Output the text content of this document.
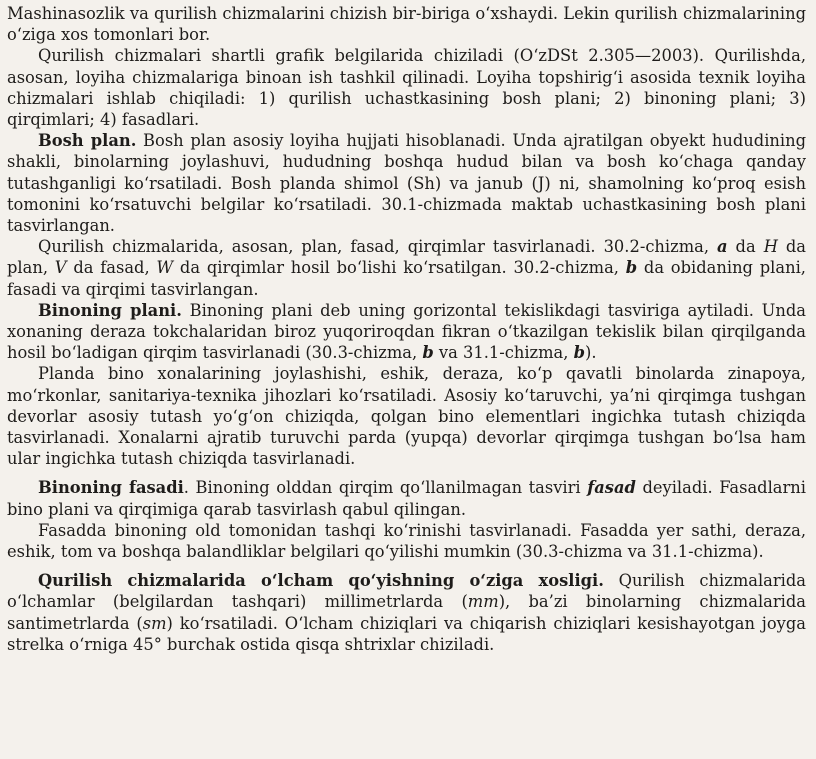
Mashinasozlik va qurilish chizmalarini chizish bir-biriga o‘xshaydi. Lekin qurilish chizmalarining o‘ziga xos tomonlari bor.

Qurilish chizmalari shartli grafik belgilarida chiziladi (O‘zDSt 2.305—2003). Qurilishda, asosan, loyiha chizmalariga binoan ish tashkil qilinadi. Loyiha topshirig‘i asosida texnik loyiha chizmalari ishlab chiqiladi: 1) qurilish uchastkasining bosh plani; 2) binoning plani; 3) qirqimlari; 4) fasadlari.

Bosh plan. Bosh plan asosiy loyiha hujjati hisoblanadi. Unda ajratilgan obyekt hududining shakli, binolarning joylashuvi, hududning boshqa hudud bilan va bosh ko‘chaga qanday tutashganligi ko‘rsatiladi. Bosh planda shimol (Sh) va janub (J) ni, shamolning ko‘proq esish tomonini ko‘rsatuvchi belgilar ko‘rsatiladi. 30.1-chizmada maktab uchastkasining bosh plani tasvirlangan.

Qurilish chizmalarida, asosan, plan, fasad, qirqimlar tasvirlanadi. 30.2-chizma, a da H da plan, V da fasad, W da qirqimlar hosil bo‘lishi ko‘rsatilgan. 30.2-chizma, b da obidaning plani, fasadi va qirqimi tasvirlangan.

Binoning plani. Binoning plani deb uning gorizontal tekislikdagi tasviriga aytiladi. Unda xonaning deraza tokchalaridan biroz yuqoriroqdan fikran o‘tkazilgan tekislik bilan qirqilganda hosil bo‘ladigan qirqim tasvirlanadi (30.3-chizma, b va 31.1-chizma, b).

Planda bino xonalarining joylashishi, eshik, deraza, ko‘p qavatli binolarda zinapoya, mo‘rkonlar, sanitariya-texnika jihozlari ko‘rsatiladi. Asosiy ko‘taruvchi, ya’ni qirqimga tushgan devorlar asosiy tutash yo‘g‘on chiziqda, qolgan bino elementlari ingichka tutash chiziqda tasvirlanadi. Xonalarni ajratib turuvchi parda (yupqa) devorlar qirqimga tushgan bo‘lsa ham ular ingichka tutash chiziqda tasvirlanadi.

Binoning fasadi. Binoning olddan qirqim qo‘llanilmagan tasviri fasad deyiladi. Fasadlarni bino plani va qirqimiga qarab tasvirlash qabul qilingan.

Fasadda binoning old tomonidan tashqi ko‘rinishi tasvirlanadi. Fasadda yer sathi, deraza, eshik, tom va boshqa balandliklar belgilari qo‘yilishi mumkin (30.3-chizma va 31.1-chizma).

Qurilish chizmalarida o‘lcham qo‘yishning o‘ziga xosligi. Qurilish chizmalarida o‘lchamlar (belgilardan tashqari) millimetrlarda (mm), ba’zi binolarning chizmalarida santimetrlarda (sm) ko‘rsatiladi. O‘lcham chiziqlari va chiqarish chiziqlari kesishayotgan joyga strelka o‘rniga 45° burchak ostida qisqa shtrixlar chiziladi.
